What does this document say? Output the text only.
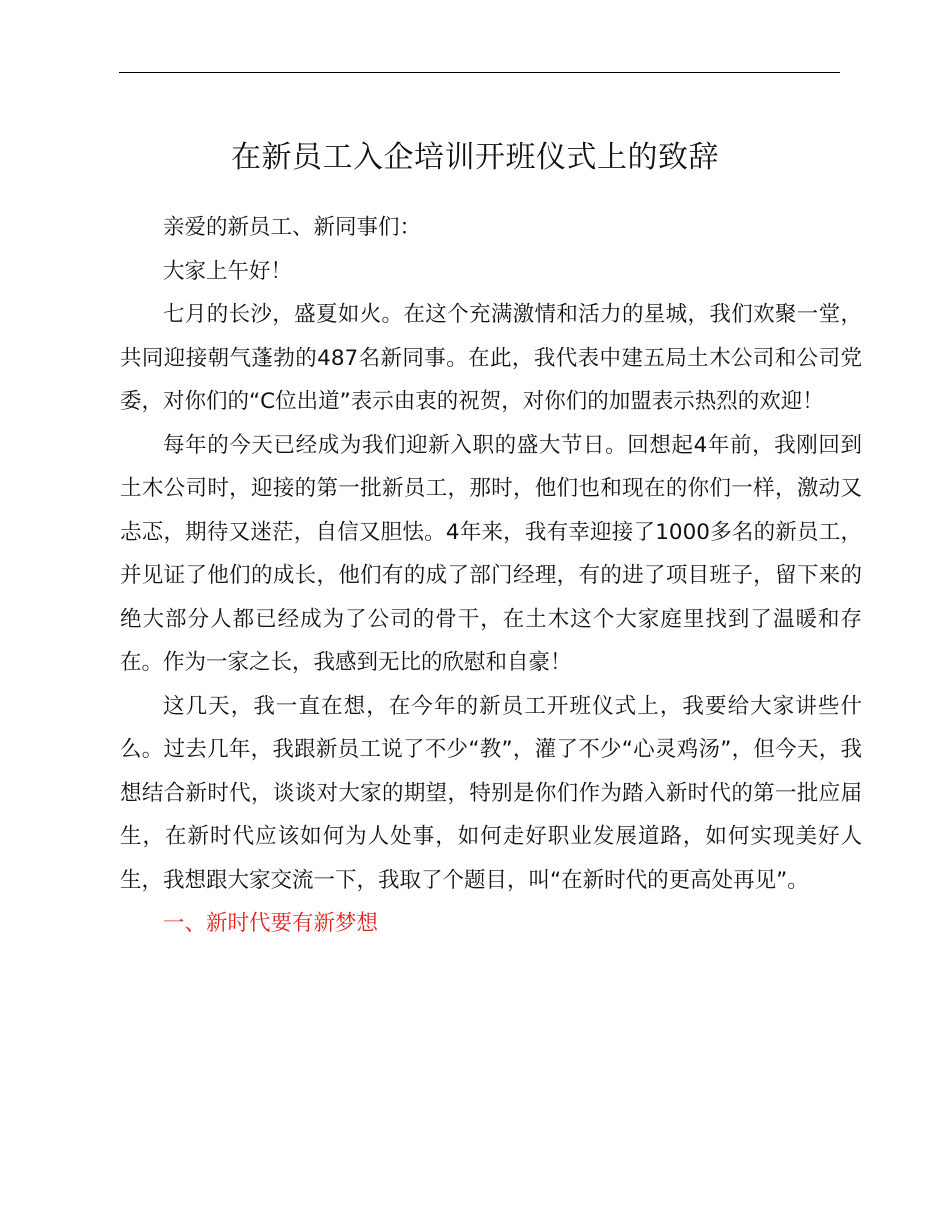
在新员工入企培训开班仪式上的致辞

亲爱的新员工、新同事们：

大家上午好！

七月的长沙，盛夏如火。在这个充满激情和活力的星城，我们欢聚一堂，共同迎接朝气蓬勃的487名新同事。在此，我代表中建五局土木公司和公司党委，对你们的“C位出道”表示由衷的祝贺，对你们的加盟表示热烈的欢迎！

每年的今天已经成为我们迎新入职的盛大节日。回想起4年前，我刚回到土木公司时，迎接的第一批新员工，那时，他们也和现在的你们一样，激动又忐忑，期待又迷茫，自信又胆怯。4年来，我有幸迎接了1000多名的新员工，并见证了他们的成长，他们有的成了部门经理，有的进了项目班子，留下来的绝大部分人都已经成为了公司的骨干，在土木这个大家庭里找到了温暖和存在。作为一家之长，我感到无比的欣慰和自豪！

这几天，我一直在想，在今年的新员工开班仪式上，我要给大家讲些什么。过去几年，我跟新员工说了不少“教”，灌了不少“心灵鸡汤”，但今天，我想结合新时代，谈谈对大家的期望，特别是你们作为踏入新时代的第一批应届生，在新时代应该如何为人处事，如何走好职业发展道路，如何实现美好人生，我想跟大家交流一下，我取了个题目，叫“在新时代的更高处再见”。

一、新时代要有新梦想
